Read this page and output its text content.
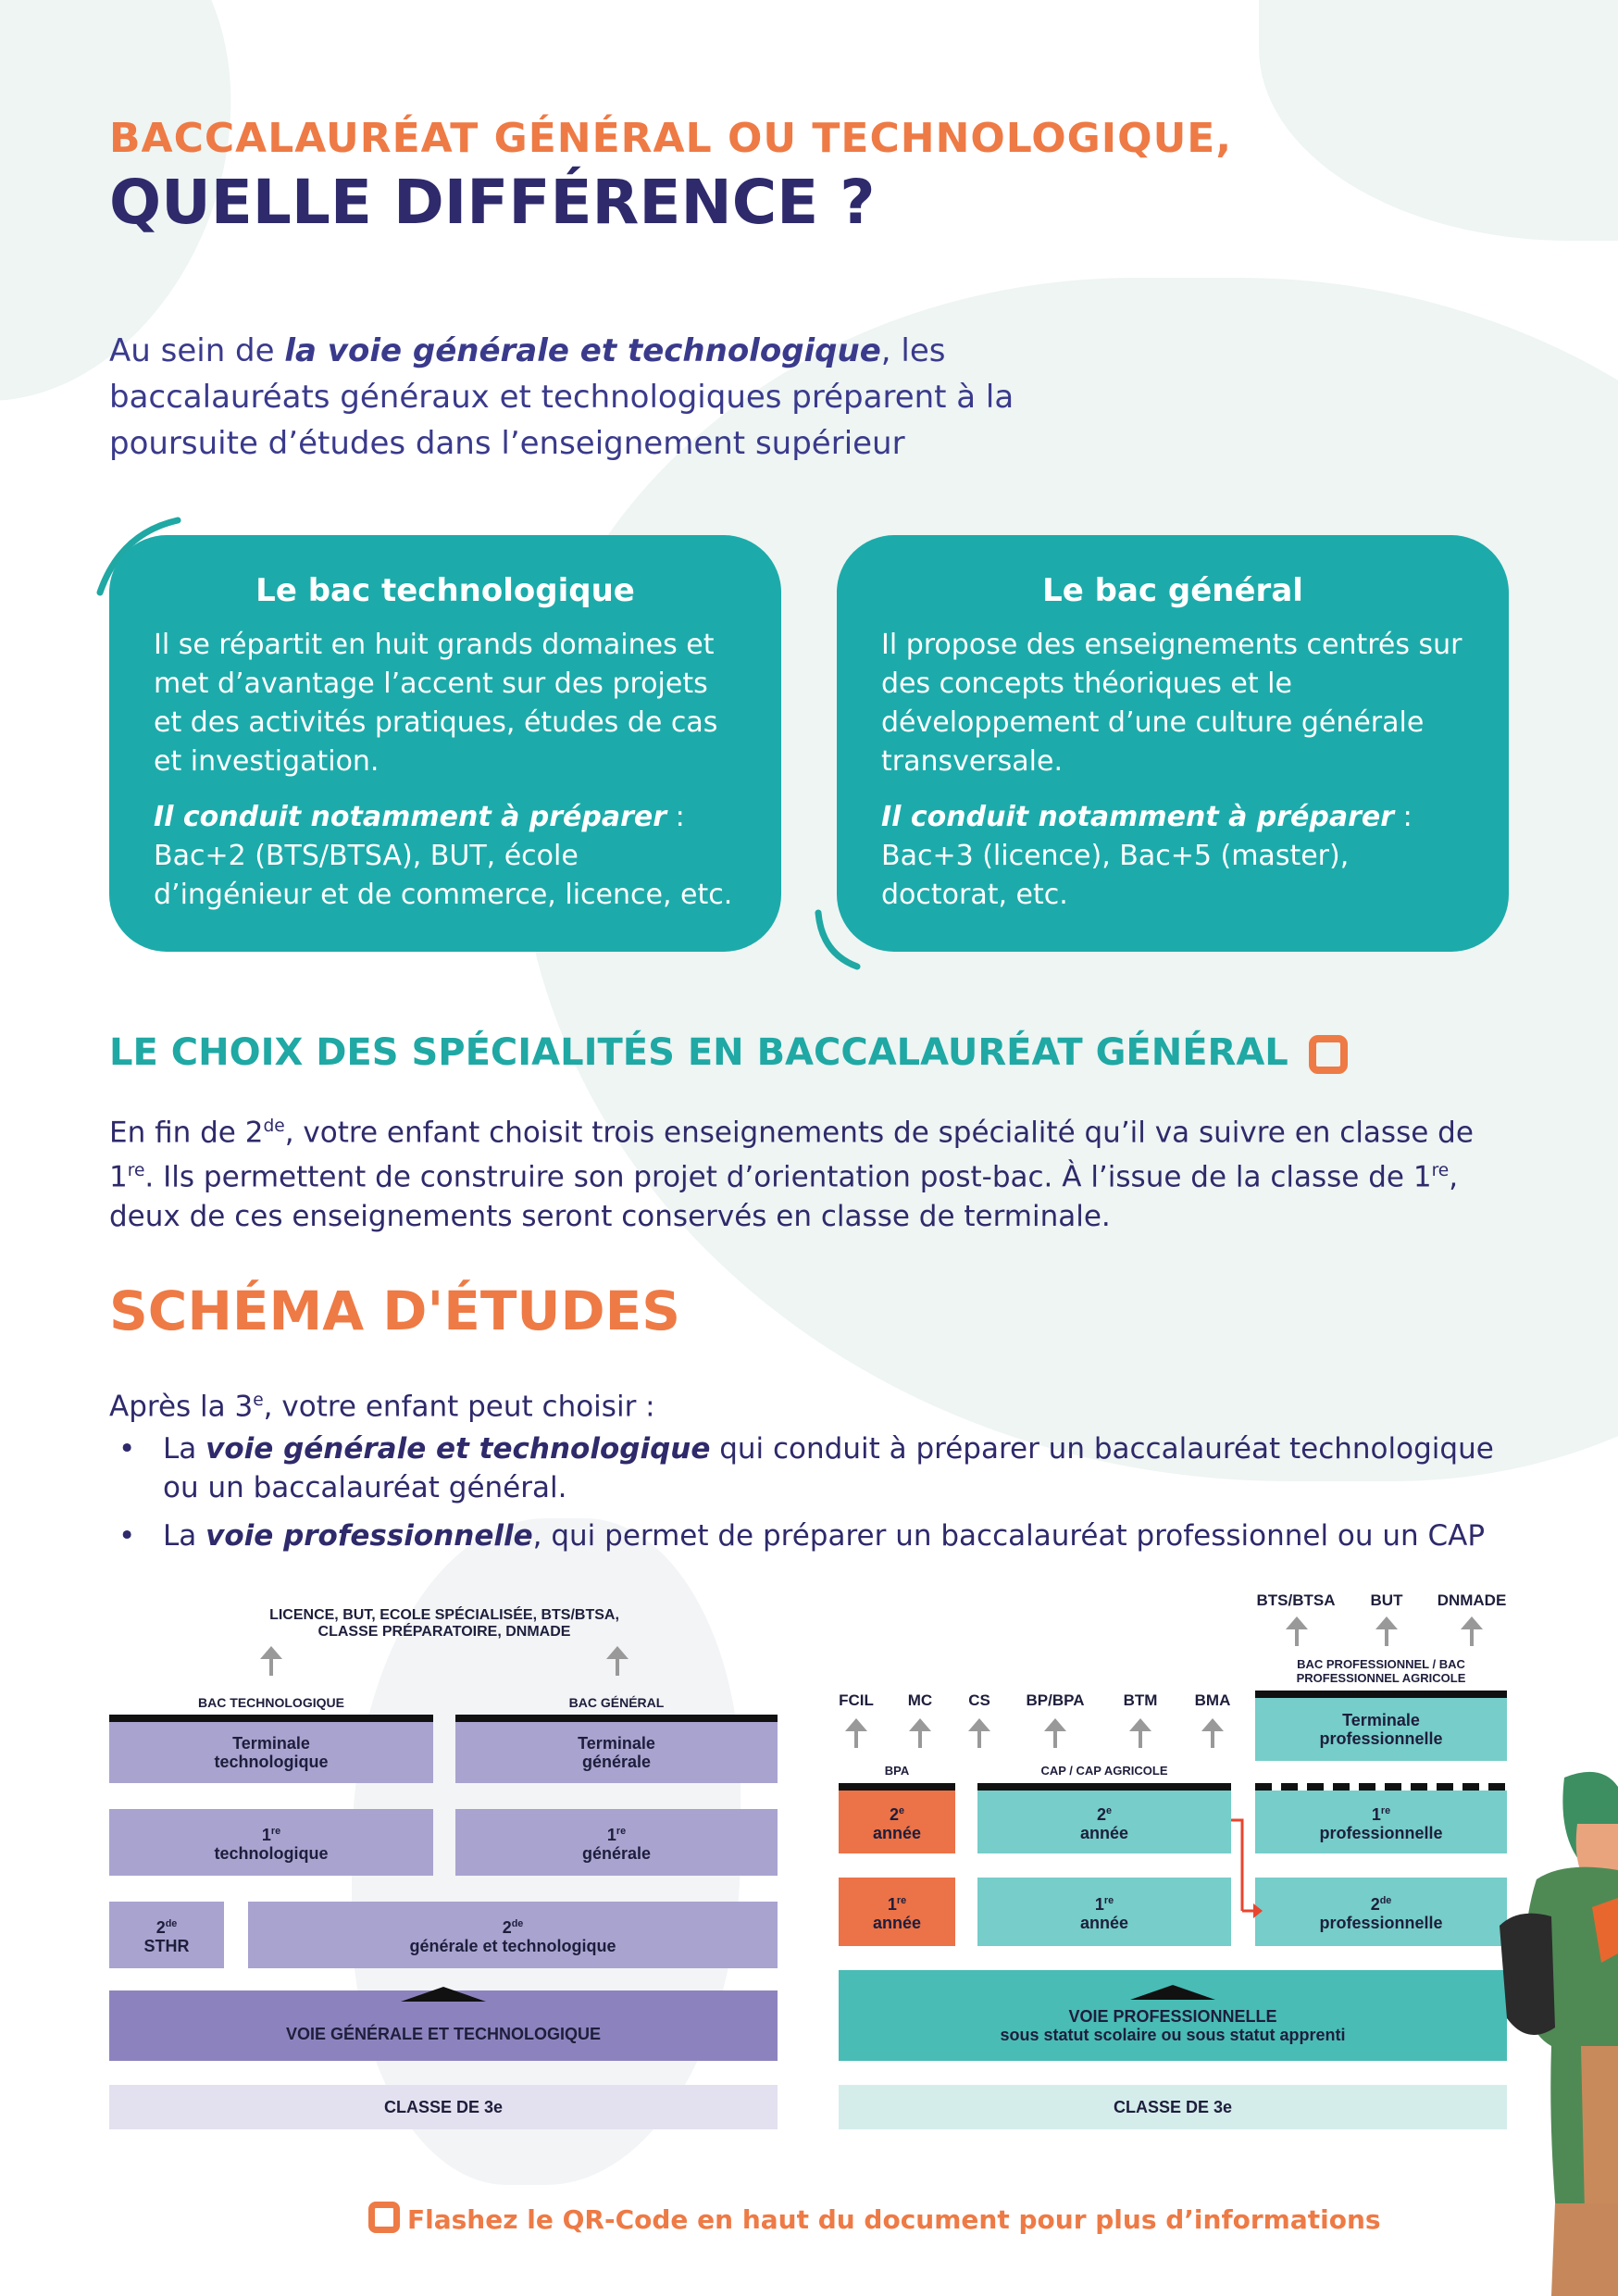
BACCALAURÉAT GÉNÉRAL OU TECHNOLOGIQUE,
QUELLE DIFFÉRENCE ?
Au sein de la voie générale et technologique, les baccalauréats généraux et technologiques préparent à la poursuite d’études dans l’enseignement supérieur
Le bac technologique

Il se répartit en huit grands domaines et met d’avantage l’accent sur des projets et des activités pratiques, études de cas et investigation.

Il conduit notamment à préparer :

Bac+2 (BTS/BTSA), BUT, école d’ingénieur et de commerce, licence, etc.

Le bac général

Il propose des enseignements centrés sur des concepts théoriques et le développement d’une culture générale transversale.

Il conduit notamment à préparer :

Bac+3 (licence), Bac+5 (master), doctorat, etc.

LE CHOIX DES SPÉCIALITÉS EN BACCALAURÉAT GÉNÉRAL
En fin de 2de, votre enfant choisit trois enseignements de spécialité qu’il va suivre en classe de 1re. Ils permettent de construire son projet d’orientation post-bac. À l’issue de la classe de 1re, deux de ces enseignements seront conservés en classe de terminale.
SCHÉMA D'ÉTUDES
Après la 3e, votre enfant peut choisir :
• La voie générale et technologique qui conduit à préparer un baccalauréat technologique ou un baccalauréat général.
• La voie professionnelle, qui permet de préparer un baccalauréat professionnel ou un CAP
LICENCE, BUT, ECOLE SPÉCIALISÉE, BTS/BTSA,
CLASSE PRÉPARATOIRE, DNMADE
BAC TECHNOLOGIQUE	BAC GÉNÉRAL
Terminale
technologique
Terminale
générale
1re
technologique
1re
générale
2de
STHR
2de
générale et technologique
VOIE GÉNÉRALE ET TECHNOLOGIQUE
CLASSE DE 3e
BTS/BTSA	BUT	DNMADE
BAC PROFESSIONNEL / BAC
PROFESSIONNEL AGRICOLE
Terminale
professionnelle
FCIL	MC	CS	BP/BPA	BTM	BMA
BPA	CAP / CAP AGRICOLE
2e
année
2e
année
1re
professionnelle
1re
année
1re
année
2de
professionnelle
VOIE PROFESSIONNELLE
sous statut scolaire ou sous statut apprenti
CLASSE DE 3e
Flashez le QR-Code en haut du document pour plus d’informations
